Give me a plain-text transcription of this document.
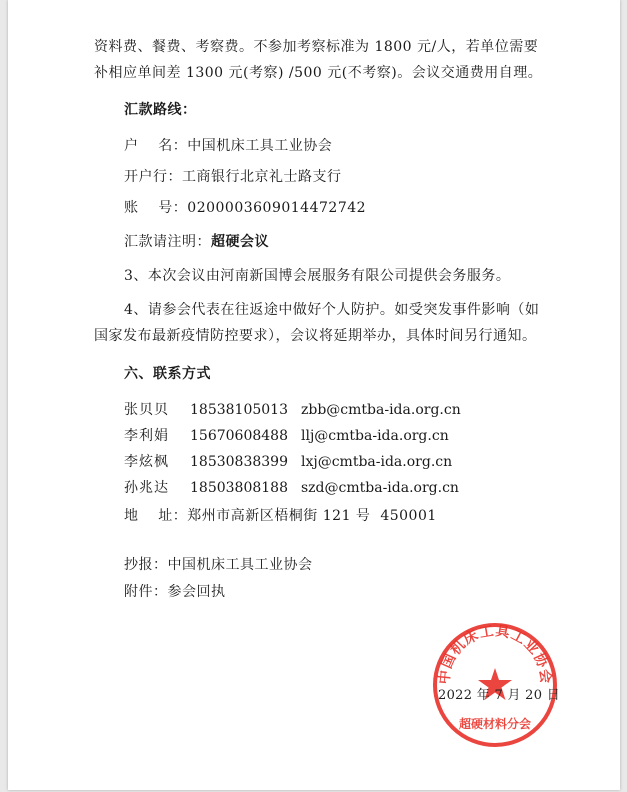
资料费、餐费、考察费。不参加考察标准为 1800 元/人，若单位需要
补相应单间差 1300 元(考察) /500 元(不考察)。会议交通费用自理。
汇款路线：
户    名：中国机床工具工业协会
开户行：工商银行北京礼士路支行
账    号：0200003609014472742
汇款请注明：超硬会议
3、本次会议由河南新国博会展服务有限公司提供会务服务。
4、请参会代表在往返途中做好个人防护。如受突发事件影响（如
国家发布最新疫情防控要求），会议将延期举办，具体时间另行通知。
六、联系方式
张贝贝 18538105013 zbb@cmtba-ida.org.cn
李利娟 15670608488 llj@cmtba-ida.org.cn
李炫枫 18530838399 lxj@cmtba-ida.org.cn
孙兆达 18503808188 szd@cmtba-ida.org.cn
地    址：郑州市高新区梧桐街 121 号  450001
抄报：中国机床工具工业协会
附件：参会回执
中国机床工具工业协会
超硬材料分会
2022 年 7 月 20 日
